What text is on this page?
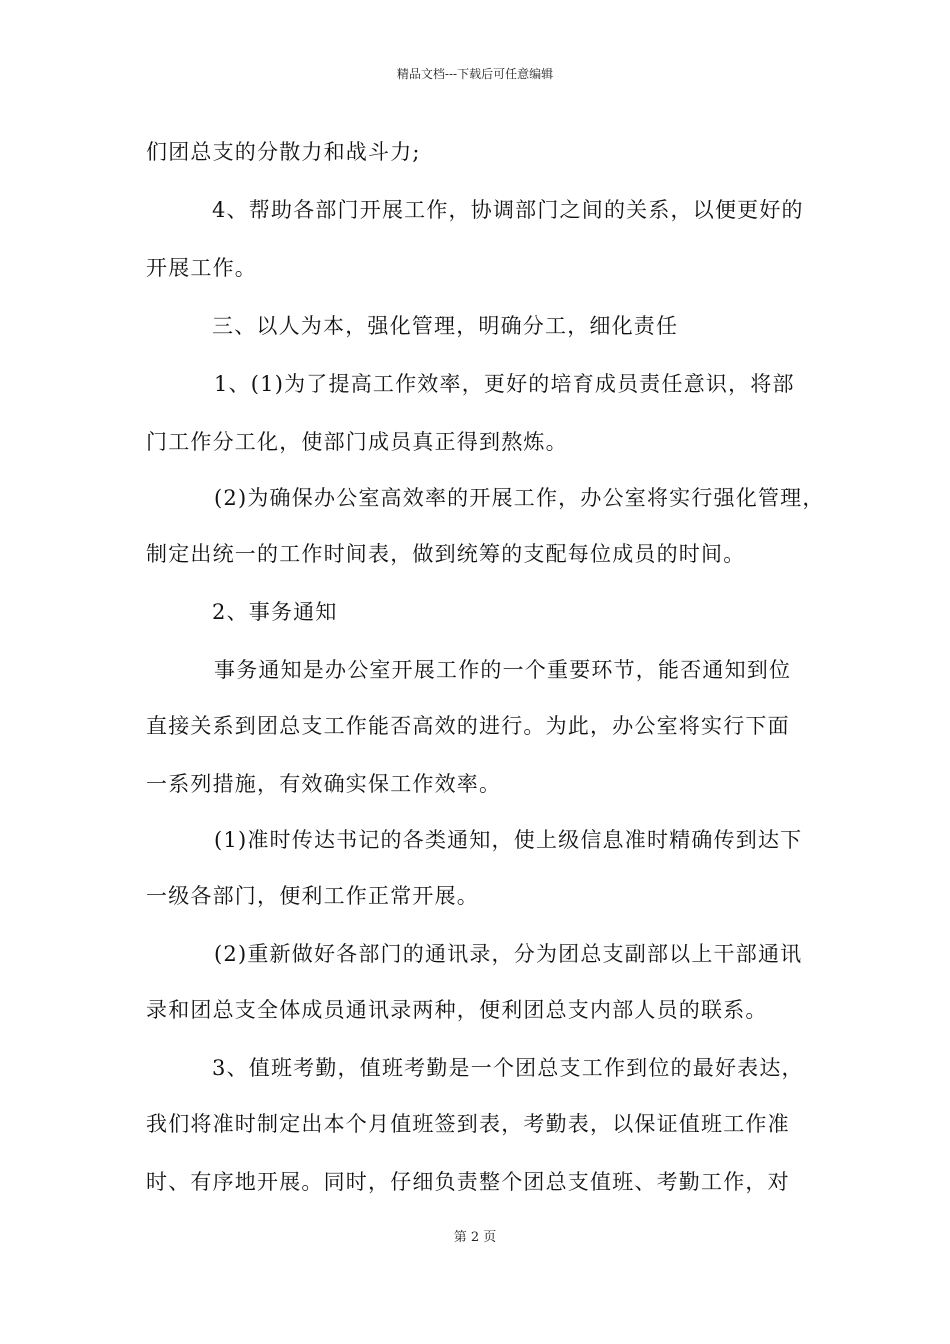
精品文档---下载后可任意编辑
们团总支的分散力和战斗力;
4、帮助各部门开展工作，协调部门之间的关系，以便更好的
开展工作。
三、以人为本，强化管理，明确分工，细化责任
1、(1)为了提高工作效率，更好的培育成员责任意识，将部
门工作分工化，使部门成员真正得到熬炼。
(2)为确保办公室高效率的开展工作，办公室将实行强化管理，
制定出统一的工作时间表，做到统筹的支配每位成员的时间。
2、事务通知
事务通知是办公室开展工作的一个重要环节，能否通知到位
直接关系到团总支工作能否高效的进行。为此，办公室将实行下面
一系列措施，有效确实保工作效率。
(1)准时传达书记的各类通知，使上级信息准时精确传到达下
一级各部门，便利工作正常开展。
(2)重新做好各部门的通讯录，分为团总支副部以上干部通讯
录和团总支全体成员通讯录两种，便利团总支内部人员的联系。
3、值班考勤，值班考勤是一个团总支工作到位的最好表达，
我们将准时制定出本个月值班签到表，考勤表，以保证值班工作准
时、有序地开展。同时，仔细负责整个团总支值班、考勤工作，对
第 2 页
